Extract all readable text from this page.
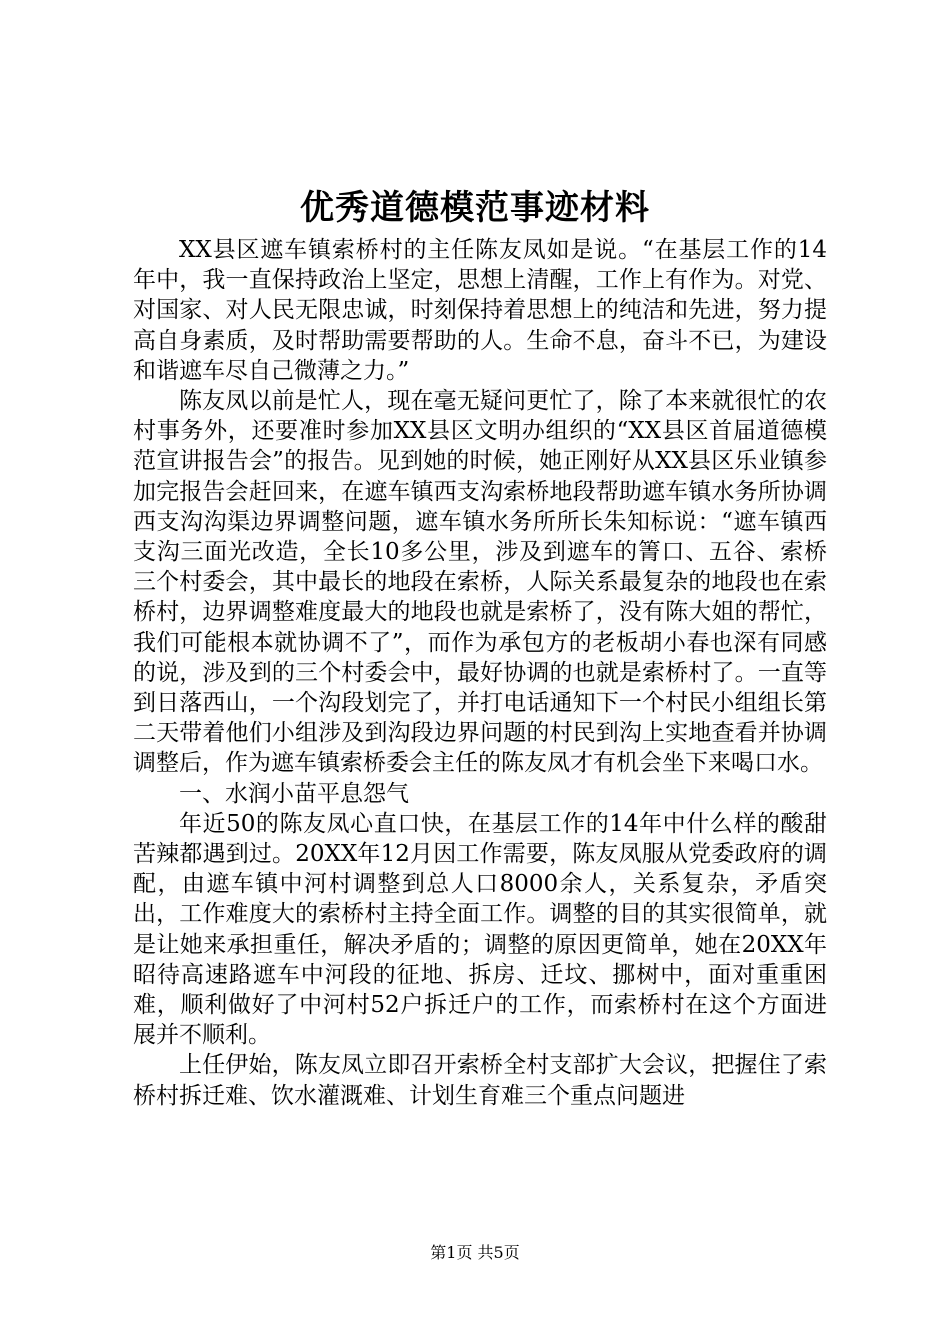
优秀道德模范事迹材料

XX县区遮车镇索桥村的主任陈友凤如是说。“在基层工作的14年中，我一直保持政治上坚定，思想上清醒，工作上有作为。对党、对国家、对人民无限忠诚，时刻保持着思想上的纯洁和先进，努力提高自身素质，及时帮助需要帮助的人。生命不息，奋斗不已，为建设和谐遮车尽自己微薄之力。”

陈友凤以前是忙人，现在毫无疑问更忙了，除了本来就很忙的农村事务外，还要准时参加XX县区文明办组织的“XX县区首届道德模范宣讲报告会”的报告。见到她的时候，她正刚好从XX县区乐业镇参加完报告会赶回来，在遮车镇西支沟索桥地段帮助遮车镇水务所协调西支沟沟渠边界调整问题，遮车镇水务所所长朱知标说：“遮车镇西支沟三面光改造，全长10多公里，涉及到遮车的箐口、五谷、索桥三个村委会，其中最长的地段在索桥，人际关系最复杂的地段也在索桥村，边界调整难度最大的地段也就是索桥了，没有陈大姐的帮忙，我们可能根本就协调不了”，而作为承包方的老板胡小春也深有同感的说，涉及到的三个村委会中，最好协调的也就是索桥村了。一直等到日落西山，一个沟段划完了，并打电话通知下一个村民小组组长第二天带着他们小组涉及到沟段边界问题的村民到沟上实地查看并协调调整后，作为遮车镇索桥委会主任的陈友凤才有机会坐下来喝口水。

一、水润小苗平息怨气

年近50的陈友凤心直口快，在基层工作的14年中什么样的酸甜苦辣都遇到过。20XX年12月因工作需要，陈友凤服从党委政府的调配，由遮车镇中河村调整到总人口8000余人，关系复杂，矛盾突出，工作难度大的索桥村主持全面工作。调整的目的其实很简单，就是让她来承担重任，解决矛盾的；调整的原因更简单，她在20XX年昭待高速路遮车中河段的征地、拆房、迁坟、挪树中，面对重重困难，顺利做好了中河村52户拆迁户的工作，而索桥村在这个方面进展并不顺利。

上任伊始，陈友凤立即召开索桥全村支部扩大会议，把握住了索桥村拆迁难、饮水灌溉难、计划生育难三个重点问题进

第1页 共5页
